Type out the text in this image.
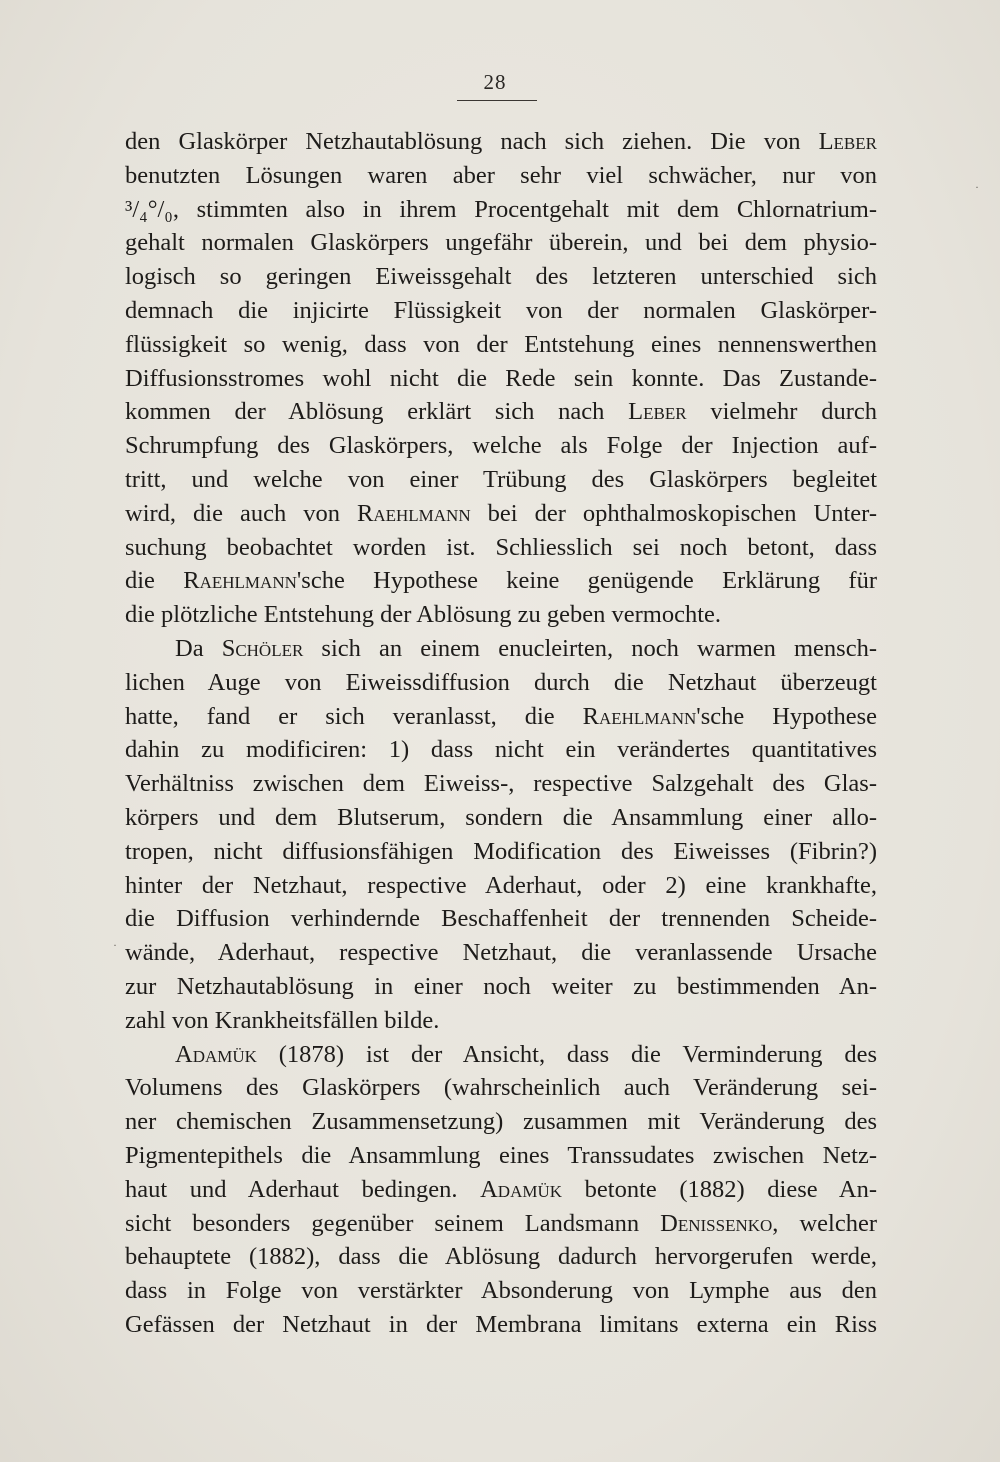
28
den Glaskörper Netzhautablösung nach sich ziehen. Die von Leber
benutzten Lösungen waren aber sehr viel schwächer, nur von
³/₄°/₀, stimmten also in ihrem Procentgehalt mit dem Chlornatrium-
gehalt normalen Glaskörpers ungefähr überein, und bei dem physio-
logisch so geringen Eiweissgehalt des letzteren unterschied sich
demnach die injicirte Flüssigkeit von der normalen Glaskörper-
flüssigkeit so wenig, dass von der Entstehung eines nennenswerthen
Diffusionsstromes wohl nicht die Rede sein konnte. Das Zustande-
kommen der Ablösung erklärt sich nach Leber vielmehr durch
Schrumpfung des Glaskörpers, welche als Folge der Injection auf-
tritt, und welche von einer Trübung des Glaskörpers begleitet
wird, die auch von Raehlmann bei der ophthalmoskopischen Unter-
suchung beobachtet worden ist. Schliesslich sei noch betont, dass
die Raehlmann'sche Hypothese keine genügende Erklärung für
die plötzliche Entstehung der Ablösung zu geben vermochte.
Da Schöler sich an einem enucleirten, noch warmen mensch-
lichen Auge von Eiweissdiffusion durch die Netzhaut überzeugt
hatte, fand er sich veranlasst, die Raehlmann'sche Hypothese
dahin zu modificiren: 1) dass nicht ein verändertes quantitatives
Verhältniss zwischen dem Eiweiss-, respective Salzgehalt des Glas-
körpers und dem Blutserum, sondern die Ansammlung einer allo-
tropen, nicht diffusionsfähigen Modification des Eiweisses (Fibrin?)
hinter der Netzhaut, respective Aderhaut, oder 2) eine krankhafte,
die Diffusion verhindernde Beschaffenheit der trennenden Scheide-
wände, Aderhaut, respective Netzhaut, die veranlassende Ursache
zur Netzhautablösung in einer noch weiter zu bestimmenden An-
zahl von Krankheitsfällen bilde.
Adamük (1878) ist der Ansicht, dass die Verminderung des
Volumens des Glaskörpers (wahrscheinlich auch Veränderung sei-
ner chemischen Zusammensetzung) zusammen mit Veränderung des
Pigmentepithels die Ansammlung eines Transsudates zwischen Netz-
haut und Aderhaut bedingen. Adamük betonte (1882) diese An-
sicht besonders gegenüber seinem Landsmann Denissenko, welcher
behauptete (1882), dass die Ablösung dadurch hervorgerufen werde,
dass in Folge von verstärkter Absonderung von Lymphe aus den
Gefässen der Netzhaut in der Membrana limitans externa ein Riss
·
·
